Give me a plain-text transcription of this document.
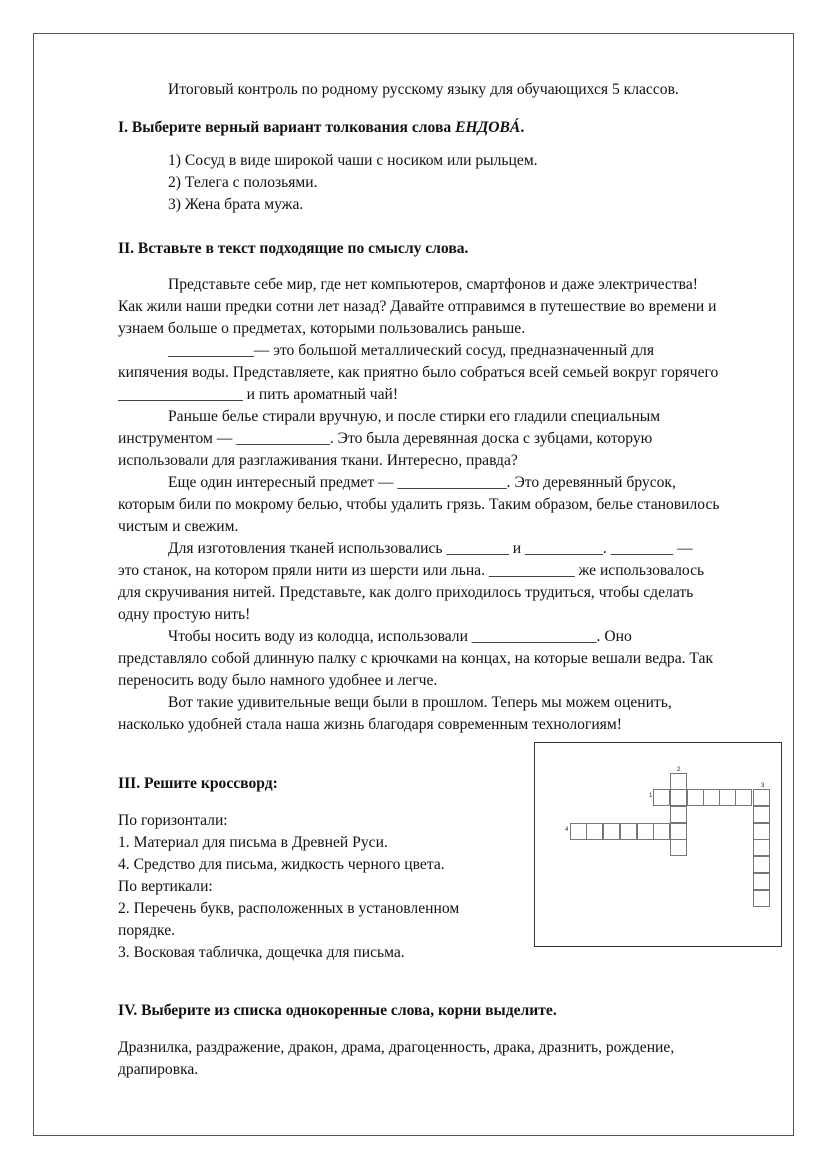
Итоговый контроль по родному русскому языку для обучающихся 5 классов.
I. Выберите верный вариант толкования слова ЕНДОВÁ.
1) Сосуд в виде широкой чаши с носиком или рыльцем.
2) Телега с полозьями.
3) Жена брата мужа.
II. Вставьте в текст подходящие по смыслу слова.
Представьте себе мир, где нет компьютеров, смартфонов и даже электричества!
Как жили наши предки сотни лет назад? Давайте отправимся в путешествие во времени и
узнаем больше о предметах, которыми пользовались раньше.
___________— это большой металлический сосуд, предназначенный для
кипячения воды. Представляете, как приятно было собраться всей семьей вокруг горячего
________________ и пить ароматный чай!
Раньше белье стирали вручную, и после стирки его гладили специальным
инструментом — ____________. Это была деревянная доска с зубцами, которую
использовали для разглаживания ткани. Интересно, правда?
Еще один интересный предмет — ______________. Это деревянный брусок,
которым били по мокрому белью, чтобы удалить грязь. Таким образом, белье становилось
чистым и свежим.
Для изготовления тканей использовались ________ и __________. ________ —
это станок, на котором пряли нити из шерсти или льна. ___________ же использовалось
для скручивания нитей. Представьте, как долго приходилось трудиться, чтобы сделать
одну простую нить!
Чтобы носить воду из колодца, использовали ________________. Оно
представляло собой длинную палку с крючками на концах, на которые вешали ведра. Так
переносить воду было намного удобнее и легче.
Вот такие удивительные вещи были в прошлом. Теперь мы можем оценить,
насколько удобней стала наша жизнь благодаря современным технологиям!
III. Решите кроссворд:
По горизонтали:
1. Материал для письма в Древней Руси.
4. Средство для письма, жидкость черного цвета.
По вертикали:
2. Перечень букв, расположенных в установленном
порядке.
3. Восковая табличка, дощечка для письма.
2
1
3
4
IV. Выберите из списка однокоренные слова, корни выделите.
Дразнилка, раздражение, дракон, драма, драгоценность, драка, дразнить, рождение,
драпировка.
